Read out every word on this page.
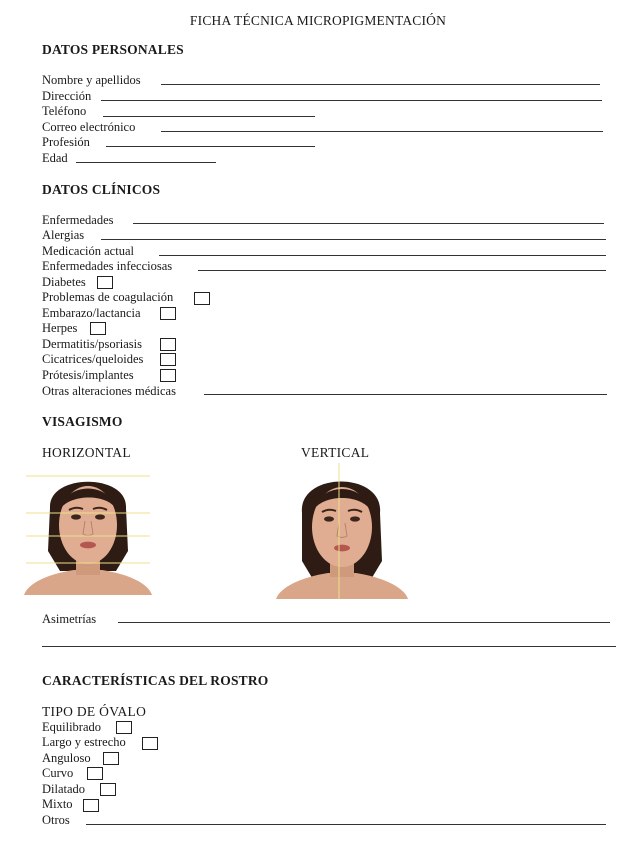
FICHA TÉCNICA MICROPIGMENTACIÓN
DATOS PERSONALES
Nombre y apellidos
Dirección
Teléfono
Correo electrónico
Profesión
Edad
DATOS CLÍNICOS
Enfermedades
Alergias
Medicación actual
Enfermedades infecciosas
Diabetes
Problemas de coagulación
Embarazo/lactancia
Herpes
Dermatitis/psoriasis
Cicatrices/queloides
Prótesis/implantes
Otras alteraciones médicas
VISAGISMO
HORIZONTAL	VERTICAL
Asimetrías
CARACTERÍSTICAS DEL ROSTRO
TIPO DE ÓVALO
Equilibrado
Largo y estrecho
Anguloso
Curvo
Dilatado
Mixto
Otros
